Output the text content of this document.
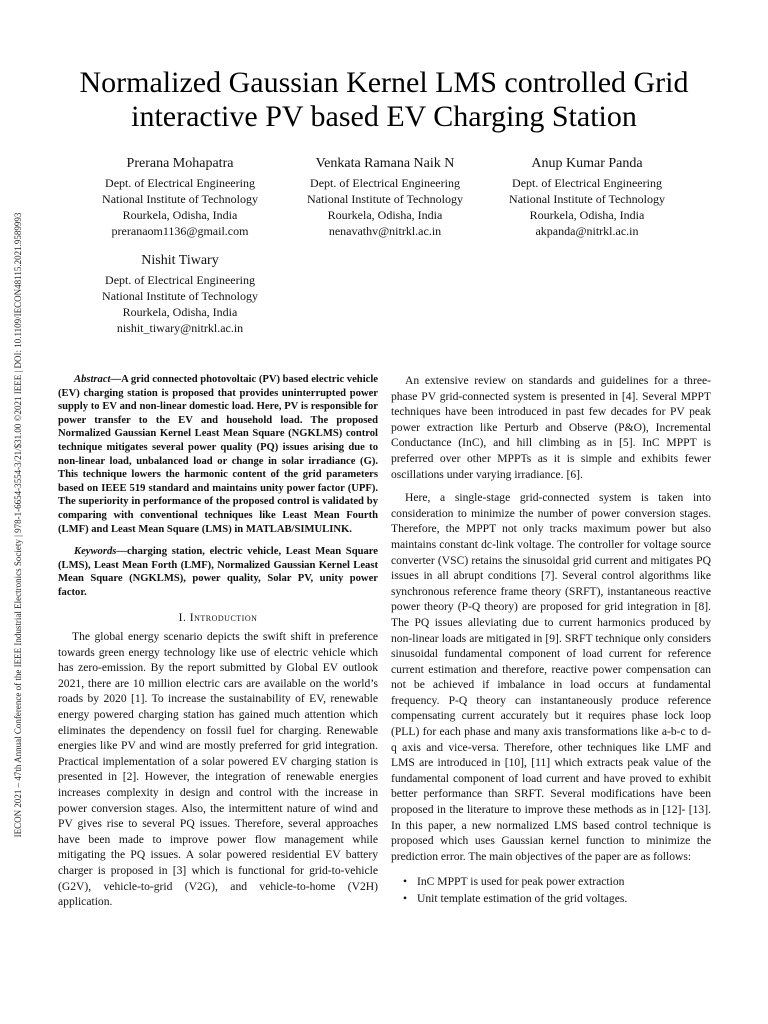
IECON 2021 – 47th Annual Conference of the IEEE Industrial Electronics Society | 978-1-6654-3554-3/21/$31.00 ©2021 IEEE | DOI: 10.1109/IECON48115.2021.9589993
Normalized Gaussian Kernel LMS controlled Grid
interactive PV based EV Charging Station
Prerana Mohapatra
Dept. of Electrical Engineering
National Institute of Technology
Rourkela, Odisha, India
preranaom1136@gmail.com
Venkata Ramana Naik N
Dept. of Electrical Engineering
National Institute of Technology
Rourkela, Odisha, India
nenavathv@nitrkl.ac.in
Anup Kumar Panda
Dept. of Electrical Engineering
National Institute of Technology
Rourkela, Odisha, India
akpanda@nitrkl.ac.in
Nishit Tiwary
Dept. of Electrical Engineering
National Institute of Technology
Rourkela, Odisha, India
nishit_tiwary@nitrkl.ac.in

Abstract—A grid connected photovoltaic (PV) based electric vehicle (EV) charging station is proposed that provides uninterrupted power supply to EV and non-linear domestic load. Here, PV is responsible for power transfer to the EV and household load. The proposed Normalized Gaussian Kernel Least Mean Square (NGKLMS) control technique mitigates several power quality (PQ) issues arising due to non-linear load, unbalanced load or change in solar irradiance (G). This technique lowers the harmonic content of the grid parameters based on IEEE 519 standard and maintains unity power factor (UPF). The superiority in performance of the proposed control is validated by comparing with conventional techniques like Least Mean Fourth (LMF) and Least Mean Square (LMS) in MATLAB/SIMULINK.

Keywords—charging station, electric vehicle, Least Mean Square (LMS), Least Mean Forth (LMF), Normalized Gaussian Kernel Least Mean Square (NGKLMS), power quality, Solar PV, unity power factor.

I. Introduction

The global energy scenario depicts the swift shift in preference towards green energy technology like use of electric vehicle which has zero-emission. By the report submitted by Global EV outlook 2021, there are 10 million electric cars are available on the world’s roads by 2020 [1]. To increase the sustainability of EV, renewable energy powered charging station has gained much attention which eliminates the dependency on fossil fuel for charging. Renewable energies like PV and wind are mostly preferred for grid integration. Practical implementation of a solar powered EV charging station is presented in [2]. However, the integration of renewable energies increases complexity in design and control with the increase in power conversion stages. Also, the intermittent nature of wind and PV gives rise to several PQ issues. Therefore, several approaches have been made to improve power flow management while mitigating the PQ issues. A solar powered residential EV battery charger is proposed in [3] which is functional for grid-to-vehicle (G2V), vehicle-to-grid (V2G), and vehicle-to-home (V2H) application.

An extensive review on standards and guidelines for a three-phase PV grid-connected system is presented in [4]. Several MPPT techniques have been introduced in past few decades for PV peak power extraction like Perturb and Observe (P&O), Incremental Conductance (InC), and hill climbing as in [5]. InC MPPT is preferred over other MPPTs as it is simple and exhibits fewer oscillations under varying irradiance. [6].

Here, a single-stage grid-connected system is taken into consideration to minimize the number of power conversion stages. Therefore, the MPPT not only tracks maximum power but also maintains constant dc-link voltage. The controller for voltage source converter (VSC) retains the sinusoidal grid current and mitigates PQ issues in all abrupt conditions [7]. Several control algorithms like synchronous reference frame theory (SRFT), instantaneous reactive power theory (P-Q theory) are proposed for grid integration in [8]. The PQ issues alleviating due to current harmonics produced by non-linear loads are mitigated in [9]. SRFT technique only considers sinusoidal fundamental component of load current for reference current estimation and therefore, reactive power compensation can not be achieved if imbalance in load occurs at fundamental frequency. P-Q theory can instantaneously produce reference compensating current accurately but it requires phase lock loop (PLL) for each phase and many axis transformations like a-b-c to d-q axis and vice-versa. Therefore, other techniques like LMF and LMS are introduced in [10], [11] which extracts peak value of the fundamental component of load current and have proved to exhibit better performance than SRFT. Several modifications have been proposed in the literature to improve these methods as in [12]- [13]. In this paper, a new normalized LMS based control technique is proposed which uses Gaussian kernel function to minimize the prediction error. The main objectives of the paper are as follows:

• InC MPPT is used for peak power extraction
• Unit template estimation of the grid voltages.
